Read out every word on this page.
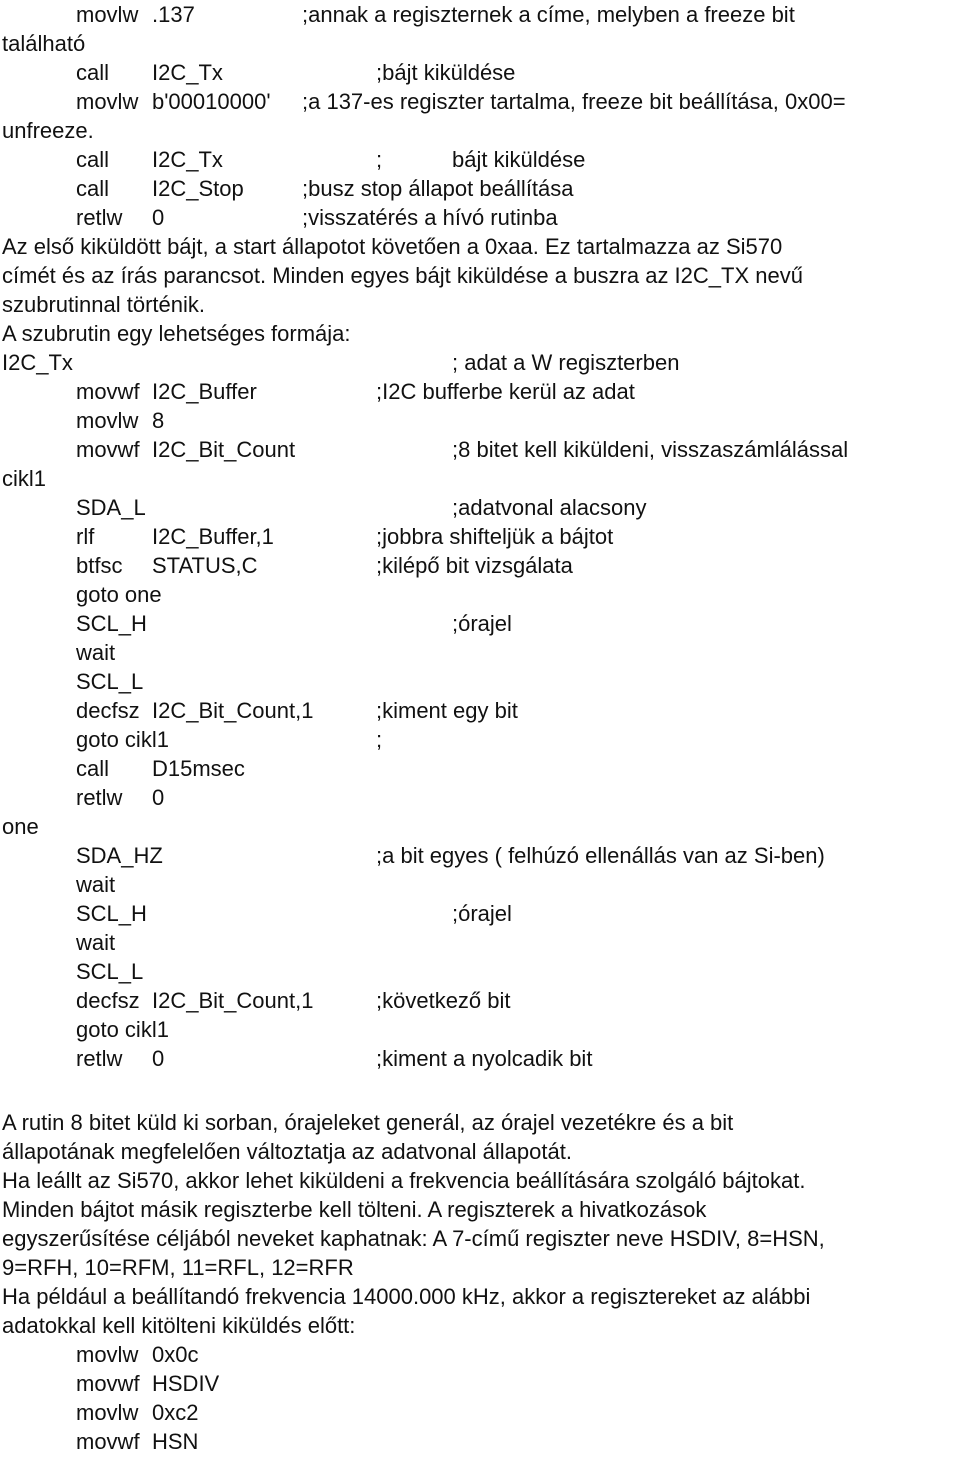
movlw .137	;annak a regiszternek a címe, melyben a freeze bit
található
call I2C_Tx	;bájt kiküldése
movlw b'00010000' ;a 137-es regiszter tartalma, freeze bit beállítása, 0x00=
unfreeze.
call I2C_Tx	;	bájt kiküldése
call I2C_Stop	;busz stop állapot beállítása
retlw 0	;visszatérés a hívó rutinba
Az első kiküldött bájt, a start állapotot követően a 0xaa. Ez tartalmazza az Si570
címét és az írás parancsot. Minden egyes bájt kiküldése a buszra az I2C_TX nevű
szubrutinnal történik.
A szubrutin egy lehetséges formája:
I2C_Tx	; adat a W regiszterben
movwf I2C_Buffer	;I2C bufferbe kerül az adat
movlw 8
movwf I2C_Bit_Count	;8 bitet kell kiküldeni, visszaszámlálással
cikl1
SDA_L	;adatvonal alacsony
rlf	I2C_Buffer,1	;jobbra shifteljük a bájtot
btfsc STATUS,C	;kilépő bit vizsgálata
goto one
SCL_H	;órajel
wait
SCL_L
decfsz I2C_Bit_Count,1	;kiment egy bit
goto cikl1	;
call D15msec
retlw 0
one
SDA_HZ	;a bit egyes ( felhúzó ellenállás van az Si-ben)
wait
SCL_H	;órajel
wait
SCL_L
decfsz I2C_Bit_Count,1	;következő bit
goto cikl1
retlw 0	;kiment a nyolcadik bit
A rutin 8 bitet küld ki sorban, órajeleket generál, az órajel vezetékre és a bit
állapotának megfelelően változtatja az adatvonal állapotát.
Ha leállt az Si570, akkor lehet kiküldeni a frekvencia beállítására szolgáló bájtokat.
Minden bájtot másik regiszterbe kell tölteni. A regiszterek a hivatkozások
egyszerűsítése céljából neveket kaphatnak: A 7-című regiszter neve HSDIV, 8=HSN,
9=RFH, 10=RFM, 11=RFL, 12=RFR
Ha például a beállítandó frekvencia 14000.000 kHz, akkor a regisztereket az alábbi
adatokkal kell kitölteni kiküldés előtt:
movlw 0x0c
movwf HSDIV
movlw 0xc2
movwf HSN
